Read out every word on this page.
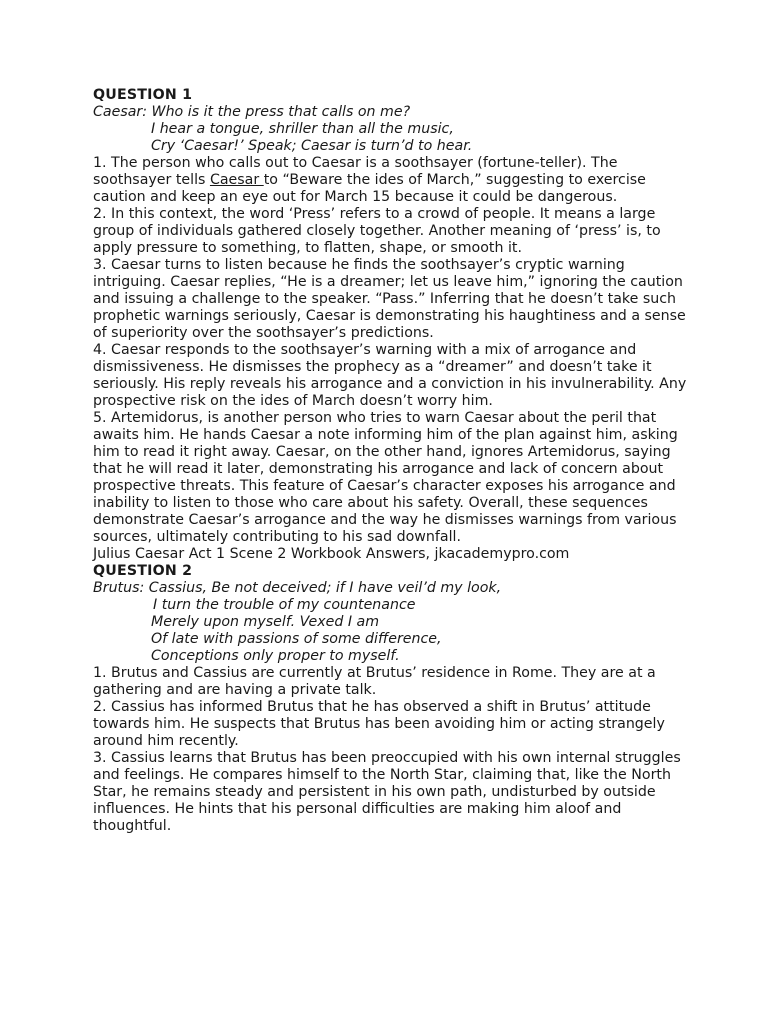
QUESTION 1
Caesar: Who is it the press that calls on me?
I hear a tongue, shriller than all the music,
Cry ‘Caesar!’ Speak; Caesar is turn’d to hear.

1. The person who calls out to Caesar is a soothsayer (fortune-teller). The soothsayer tells Caesar to “Beware the ides of March,” suggesting to exercise caution and keep an eye out for March 15 because it could be dangerous.

2. In this context, the word ‘Press’ refers to a crowd of people. It means a large group of individuals gathered closely together. Another meaning of ‘press’ is, to apply pressure to something, to flatten, shape, or smooth it.

3. Caesar turns to listen because he finds the soothsayer’s cryptic warning intriguing. Caesar replies, “He is a dreamer; let us leave him,” ignoring the caution and issuing a challenge to the speaker. “Pass.” Inferring that he doesn’t take such prophetic warnings seriously, Caesar is demonstrating his haughtiness and a sense of superiority over the soothsayer’s predictions.

4. Caesar responds to the soothsayer’s warning with a mix of arrogance and dismissiveness. He dismisses the prophecy as a “dreamer” and doesn’t take it seriously. His reply reveals his arrogance and a conviction in his invulnerability. Any prospective risk on the ides of March doesn’t worry him.

5. Artemidorus, is another person who tries to warn Caesar about the peril that awaits him. He hands Caesar a note informing him of the plan against him, asking him to read it right away. Caesar, on the other hand, ignores Artemidorus, saying that he will read it later, demonstrating his arrogance and lack of concern about prospective threats. This feature of Caesar’s character exposes his arrogance and inability to listen to those who care about his safety. Overall, these sequences demonstrate Caesar’s arrogance and the way he dismisses warnings from various sources, ultimately contributing to his sad downfall.

Julius Caesar Act 1 Scene 2 Workbook Answers, jkacademypro.com

QUESTION 2
Brutus: Cassius, Be not deceived; if I have veil’d my look,
I turn the trouble of my countenance
Merely upon myself. Vexed I am
Of late with passions of some difference,
Conceptions only proper to myself.

1. Brutus and Cassius are currently at Brutus’ residence in Rome. They are at a gathering and are having a private talk.

2. Cassius has informed Brutus that he has observed a shift in Brutus’ attitude towards him. He suspects that Brutus has been avoiding him or acting strangely around him recently.

3. Cassius learns that Brutus has been preoccupied with his own internal struggles and feelings. He compares himself to the North Star, claiming that, like the North Star, he remains steady and persistent in his own path, undisturbed by outside influences. He hints that his personal difficulties are making him aloof and thoughtful.
